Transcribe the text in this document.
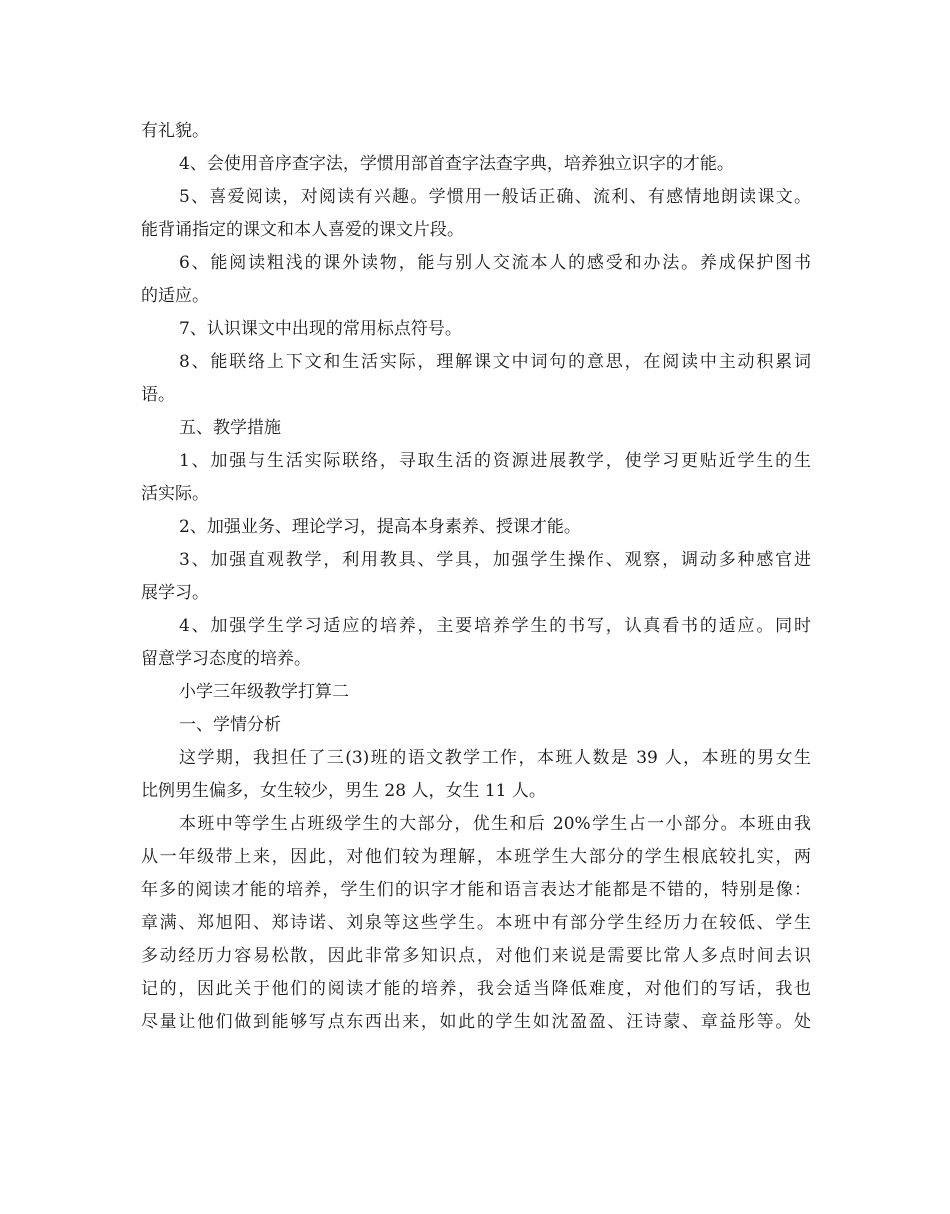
有礼貌。
4、会使用音序查字法，学惯用部首查字法查字典，培养独立识字的才能。
5、喜爱阅读，对阅读有兴趣。学惯用一般话正确、流利、有感情地朗读课文。
能背诵指定的课文和本人喜爱的课文片段。
6、能阅读粗浅的课外读物，能与别人交流本人的感受和办法。养成保护图书
的适应。
7、认识课文中出现的常用标点符号。
8、能联络上下文和生活实际，理解课文中词句的意思，在阅读中主动积累词
语。
五、教学措施
1、加强与生活实际联络，寻取生活的资源进展教学，使学习更贴近学生的生
活实际。
2、加强业务、理论学习，提高本身素养、授课才能。
3、加强直观教学，利用教具、学具，加强学生操作、观察，调动多种感官进
展学习。
4、加强学生学习适应的培养，主要培养学生的书写，认真看书的适应。同时
留意学习态度的培养。
小学三年级教学打算二
一、学情分析
这学期，我担任了三(3)班的语文教学工作，本班人数是 39 人，本班的男女生
比例男生偏多，女生较少，男生 28 人，女生 11 人。
本班中等学生占班级学生的大部分，优生和后 20%学生占一小部分。本班由我
从一年级带上来，因此，对他们较为理解，本班学生大部分的学生根底较扎实，两
年多的阅读才能的培养，学生们的识字才能和语言表达才能都是不错的，特别是像：
章满、郑旭阳、郑诗诺、刘泉等这些学生。本班中有部分学生经历力在较低、学生
多动经历力容易松散，因此非常多知识点，对他们来说是需要比常人多点时间去识
记的，因此关于他们的阅读才能的培养，我会适当降低难度，对他们的写话，我也
尽量让他们做到能够写点东西出来，如此的学生如沈盈盈、汪诗蒙、章益彤等。处
